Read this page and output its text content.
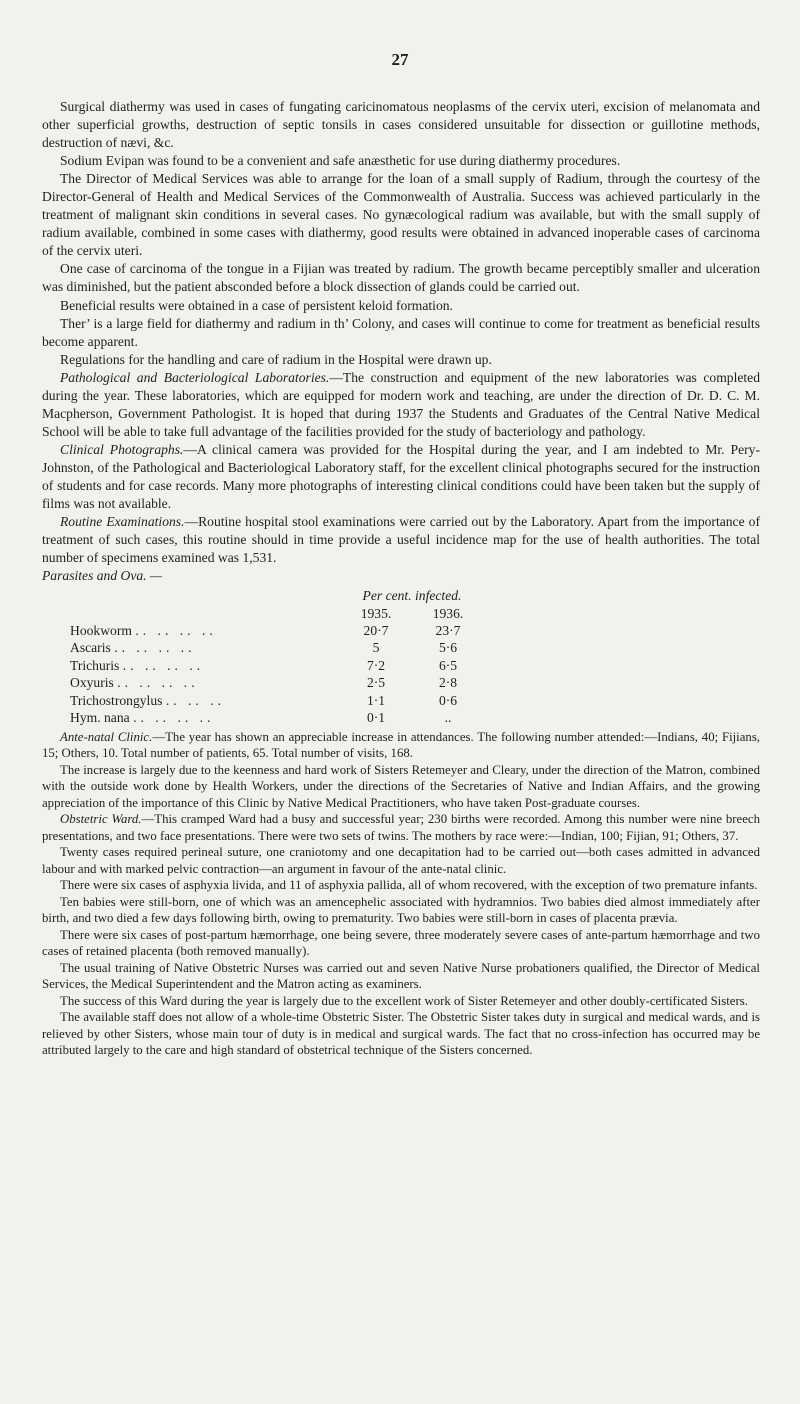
27

Surgical diathermy was used in cases of fungating caricinomatous neoplasms of the cervix uteri, excision of melanomata and other superficial growths, destruction of septic tonsils in cases considered unsuitable for dissection or guillotine methods, destruction of nævi, &c.

Sodium Evipan was found to be a convenient and safe anæsthetic for use during diathermy procedures.

The Director of Medical Services was able to arrange for the loan of a small supply of Radium, through the courtesy of the Director-General of Health and Medical Services of the Commonwealth of Australia. Success was achieved particularly in the treatment of malignant skin conditions in several cases. No gynæcological radium was available, but with the small supply of radium available, combined in some cases with diathermy, good results were obtained in advanced inoperable cases of carcinoma of the cervix uteri.

One case of carcinoma of the tongue in a Fijian was treated by radium. The growth became perceptibly smaller and ulceration was diminished, but the patient absconded before a block dissection of glands could be carried out.

Beneficial results were obtained in a case of persistent keloid formation.

Ther’ is a large field for diathermy and radium in th’ Colony, and cases will continue to come for treatment as beneficial results become apparent.

Regulations for the handling and care of radium in the Hospital were drawn up.

Pathological and Bacteriological Laboratories.—The construction and equipment of the new laboratories was completed during the year. These laboratories, which are equipped for modern work and teaching, are under the direction of Dr. D. C. M. Macpherson, Government Pathologist. It is hoped that during 1937 the Students and Graduates of the Central Native Medical School will be able to take full advantage of the facilities provided for the study of bacteriology and pathology.

Clinical Photographs.—A clinical camera was provided for the Hospital during the year, and I am indebted to Mr. Pery-Johnston, of the Pathological and Bacteriological Laboratory staff, for the excellent clinical photographs secured for the instruction of students and for case records. Many more photographs of interesting clinical conditions could have been taken but the supply of films was not available.

Routine Examinations.—Routine hospital stool examinations were carried out by the Laboratory. Apart from the importance of treatment of such cases, this routine should in time provide a useful incidence map for the use of health authorities. The total number of specimens examined was 1,531.

Parasites and Ova. —

	Per cent. infected.	
	1935.	1936.
Hookworm .. .. .. ..	20·7	23·7
Ascaris .. .. .. ..	5	5·6
Trichuris .. .. .. ..	7·2	6·5
Oxyuris .. .. .. ..	2·5	2·8
Trichostrongylus .. .. ..	1·1	0·6
Hym. nana .. .. .. ..	0·1	..

Ante-natal Clinic.—The year has shown an appreciable increase in attendances. The following number attended:—Indians, 40; Fijians, 15; Others, 10. Total number of patients, 65. Total number of visits, 168.

The increase is largely due to the keenness and hard work of Sisters Retemeyer and Cleary, under the direction of the Matron, combined with the outside work done by Health Workers, under the directions of the Secretaries of Native and Indian Affairs, and the growing appreciation of the importance of this Clinic by Native Medical Practitioners, who have taken Post-graduate courses.

Obstetric Ward.—This cramped Ward had a busy and successful year; 230 births were recorded. Among this number were nine breech presentations, and two face presentations. There were two sets of twins. The mothers by race were:—Indian, 100; Fijian, 91; Others, 37.

Twenty cases required perineal suture, one craniotomy and one decapitation had to be carried out—both cases admitted in advanced labour and with marked pelvic contraction—an argument in favour of the ante-natal clinic.

There were six cases of asphyxia livida, and 11 of asphyxia pallida, all of whom recovered, with the exception of two premature infants.

Ten babies were still-born, one of which was an amencephelic associated with hydramnios. Two babies died almost immediately after birth, and two died a few days following birth, owing to prematurity. Two babies were still-born in cases of placenta prævia.

There were six cases of post-partum hæmorrhage, one being severe, three moderately severe cases of ante-partum hæmorrhage and two cases of retained placenta (both removed manually).

The usual training of Native Obstetric Nurses was carried out and seven Native Nurse probationers qualified, the Director of Medical Services, the Medical Superintendent and the Matron acting as examiners.

The success of this Ward during the year is largely due to the excellent work of Sister Retemeyer and other doubly-certificated Sisters.

The available staff does not allow of a whole-time Obstetric Sister. The Obstetric Sister takes duty in surgical and medical wards, and is relieved by other Sisters, whose main tour of duty is in medical and surgical wards. The fact that no cross-infection has occurred may be attributed largely to the care and high standard of obstetrical technique of the Sisters concerned.
